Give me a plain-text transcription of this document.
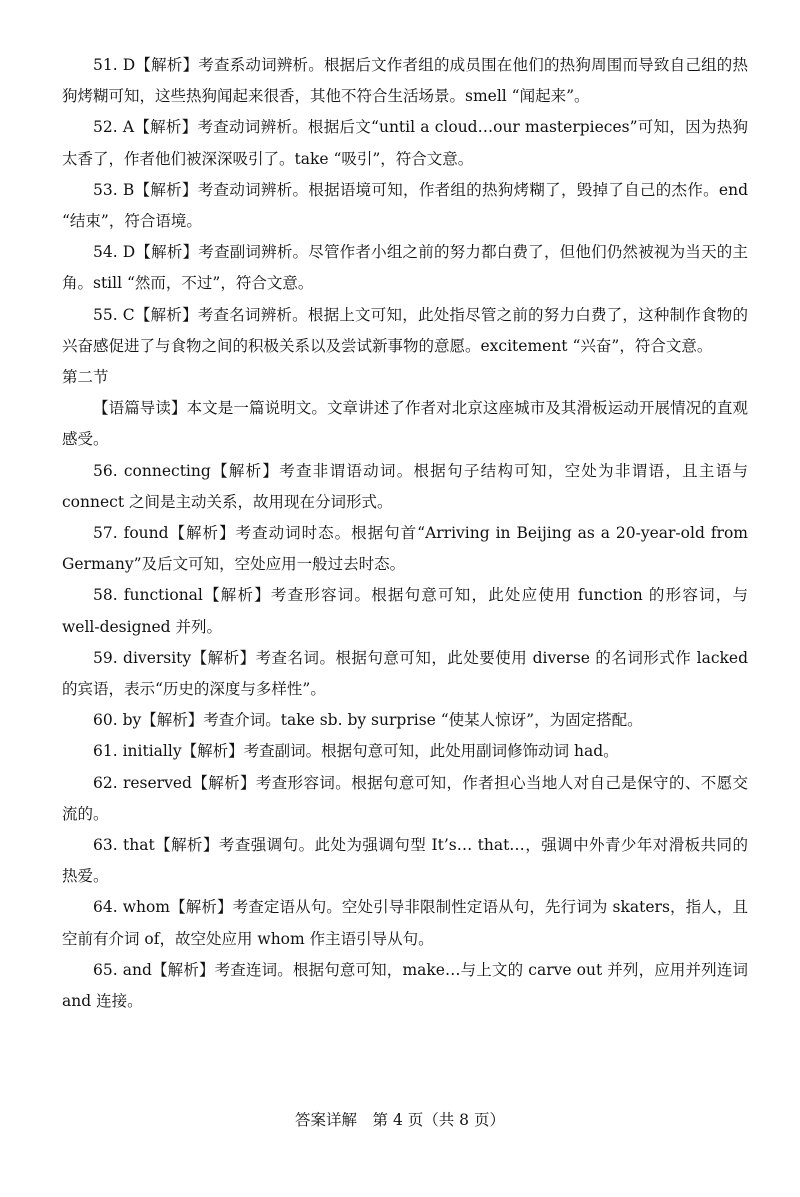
51. D【解析】考查系动词辨析。根据后文作者组的成员围在他们的热狗周围而导致自己组的热狗烤糊可知，这些热狗闻起来很香，其他不符合生活场景。smell “闻起来”。

52. A【解析】考查动词辨析。根据后文“until a cloud…our masterpieces”可知，因为热狗太香了，作者他们被深深吸引了。take “吸引”，符合文意。

53. B【解析】考查动词辨析。根据语境可知，作者组的热狗烤糊了，毁掉了自己的杰作。end “结束”，符合语境。

54. D【解析】考查副词辨析。尽管作者小组之前的努力都白费了，但他们仍然被视为当天的主角。still “然而，不过”，符合文意。

55. C【解析】考查名词辨析。根据上文可知，此处指尽管之前的努力白费了，这种制作食物的兴奋感促进了与食物之间的积极关系以及尝试新事物的意愿。excitement “兴奋”，符合文意。

第二节

【语篇导读】本文是一篇说明文。文章讲述了作者对北京这座城市及其滑板运动开展情况的直观感受。

56. connecting【解析】考查非谓语动词。根据句子结构可知，空处为非谓语，且主语与 connect 之间是主动关系，故用现在分词形式。

57. found【解析】考查动词时态。根据句首“Arriving in Beijing as a 20-year-old from Germany”及后文可知，空处应用一般过去时态。

58. functional【解析】考查形容词。根据句意可知，此处应使用 function 的形容词，与 well-designed 并列。

59. diversity【解析】考查名词。根据句意可知，此处要使用 diverse 的名词形式作 lacked 的宾语，表示“历史的深度与多样性”。

60. by【解析】考查介词。take sb. by surprise “使某人惊讶”，为固定搭配。

61. initially【解析】考查副词。根据句意可知，此处用副词修饰动词 had。

62. reserved【解析】考查形容词。根据句意可知，作者担心当地人对自己是保守的、不愿交流的。

63. that【解析】考查强调句。此处为强调句型 It’s… that…，强调中外青少年对滑板共同的热爱。

64. whom【解析】考查定语从句。空处引导非限制性定语从句，先行词为 skaters，指人，且空前有介词 of，故空处应用 whom 作主语引导从句。

65. and【解析】考查连词。根据句意可知，make…与上文的 carve out 并列，应用并列连词 and 连接。

答案详解　第 4 页（共 8 页）
